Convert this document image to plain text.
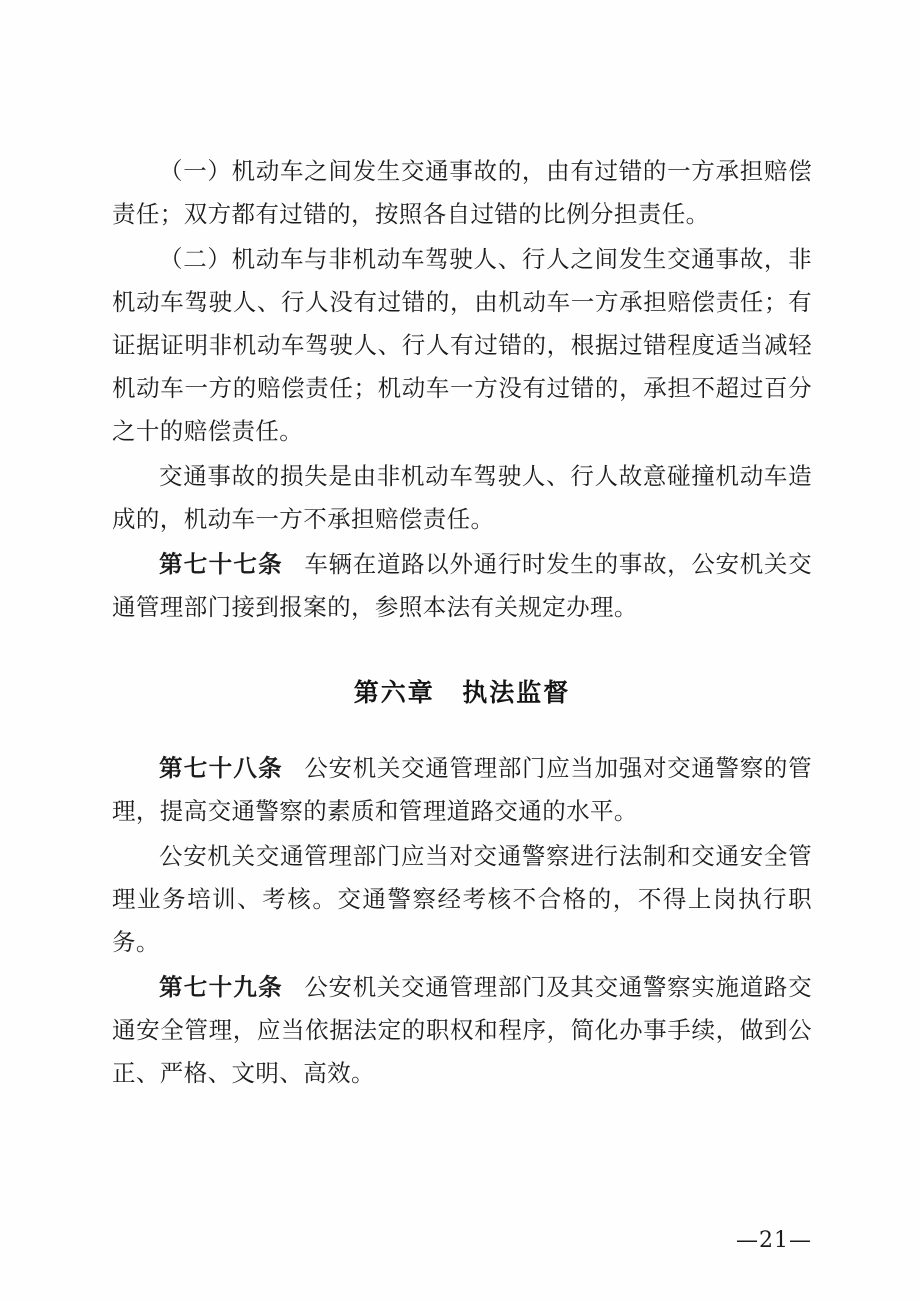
（一）机动车之间发生交通事故的，由有过错的一方承担赔偿责任；双方都有过错的，按照各自过错的比例分担责任。

（二）机动车与非机动车驾驶人、行人之间发生交通事故，非机动车驾驶人、行人没有过错的，由机动车一方承担赔偿责任；有证据证明非机动车驾驶人、行人有过错的，根据过错程度适当减轻机动车一方的赔偿责任；机动车一方没有过错的，承担不超过百分之十的赔偿责任。

交通事故的损失是由非机动车驾驶人、行人故意碰撞机动车造成的，机动车一方不承担赔偿责任。

第七十七条 车辆在道路以外通行时发生的事故，公安机关交通管理部门接到报案的，参照本法有关规定办理。

第六章 执法监督

第七十八条 公安机关交通管理部门应当加强对交通警察的管理，提高交通警察的素质和管理道路交通的水平。

公安机关交通管理部门应当对交通警察进行法制和交通安全管理业务培训、考核。交通警察经考核不合格的，不得上岗执行职务。

第七十九条 公安机关交通管理部门及其交通警察实施道路交通安全管理，应当依据法定的职权和程序，简化办事手续，做到公正、严格、文明、高效。

—21—
